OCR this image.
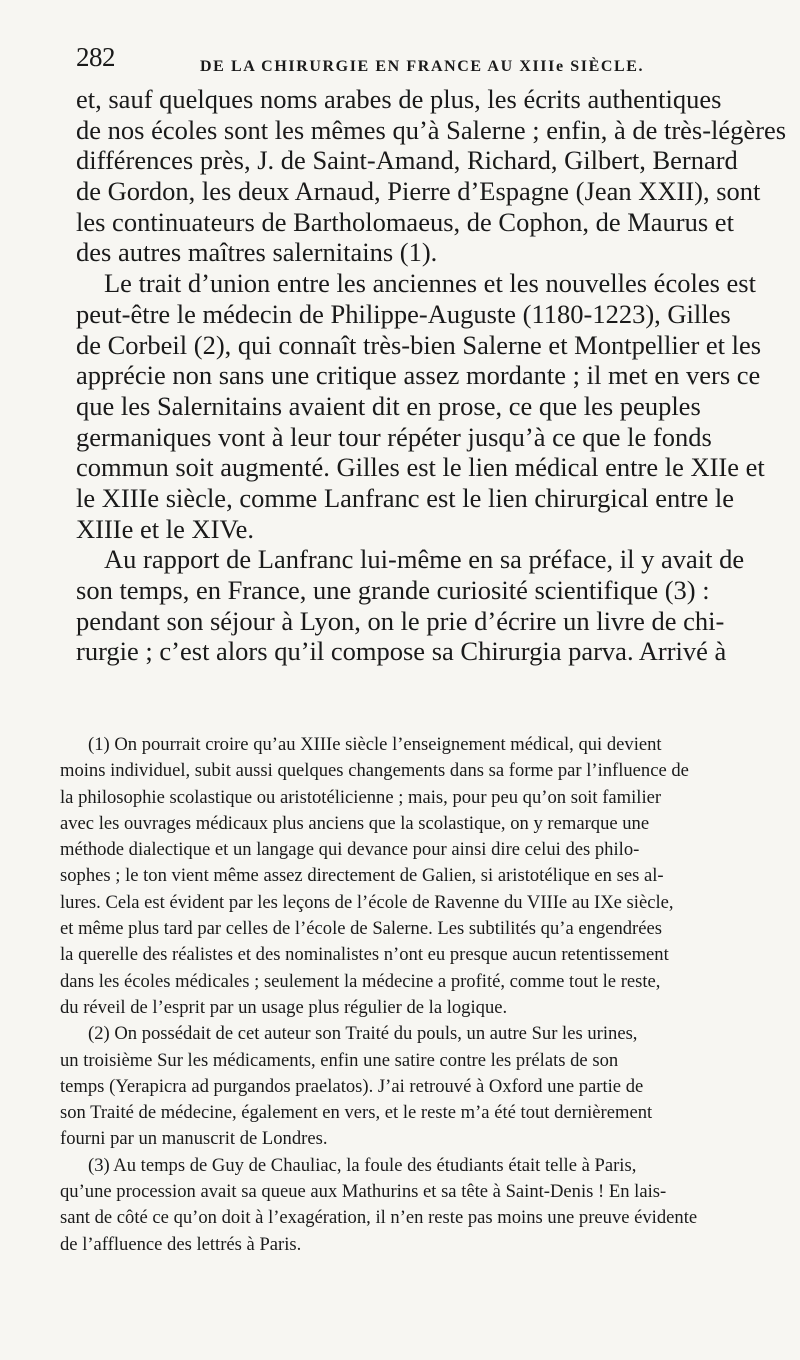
282	DE LA CHIRURGIE EN FRANCE AU XIIIe SIÈCLE.
et, sauf quelques noms arabes de plus, les écrits authentiques
de nos écoles sont les mêmes qu’à Salerne ; enfin, à de très-légères
différences près, J. de Saint-Amand, Richard, Gilbert, Bernard
de Gordon, les deux Arnaud, Pierre d’Espagne (Jean XXII), sont
les continuateurs de Bartholomaeus, de Cophon, de Maurus et
des autres maîtres salernitains (1).
Le trait d’union entre les anciennes et les nouvelles écoles est
peut-être le médecin de Philippe-Auguste (1180-1223), Gilles
de Corbeil (2), qui connaît très-bien Salerne et Montpellier et les
apprécie non sans une critique assez mordante ; il met en vers ce
que les Salernitains avaient dit en prose, ce que les peuples
germaniques vont à leur tour répéter jusqu’à ce que le fonds
commun soit augmenté. Gilles est le lien médical entre le XIIe et
le XIIIe siècle, comme Lanfranc est le lien chirurgical entre le
XIIIe et le XIVe.
Au rapport de Lanfranc lui-même en sa préface, il y avait de
son temps, en France, une grande curiosité scientifique (3) :
pendant son séjour à Lyon, on le prie d’écrire un livre de chi-
rurgie ; c’est alors qu’il compose sa Chirurgia parva. Arrivé à
(1) On pourrait croire qu’au XIIIe siècle l’enseignement médical, qui devient
moins individuel, subit aussi quelques changements dans sa forme par l’influence de
la philosophie scolastique ou aristotélicienne ; mais, pour peu qu’on soit familier
avec les ouvrages médicaux plus anciens que la scolastique, on y remarque une
méthode dialectique et un langage qui devance pour ainsi dire celui des philo-
sophes ; le ton vient même assez directement de Galien, si aristotélique en ses al-
lures. Cela est évident par les leçons de l’école de Ravenne du VIIIe au IXe siècle,
et même plus tard par celles de l’école de Salerne. Les subtilités qu’a engendrées
la querelle des réalistes et des nominalistes n’ont eu presque aucun retentissement
dans les écoles médicales ; seulement la médecine a profité, comme tout le reste,
du réveil de l’esprit par un usage plus régulier de la logique.
(2) On possédait de cet auteur son Traité du pouls, un autre Sur les urines,
un troisième Sur les médicaments, enfin une satire contre les prélats de son
temps (Yerapicra ad purgandos praelatos). J’ai retrouvé à Oxford une partie de
son Traité de médecine, également en vers, et le reste m’a été tout dernièrement
fourni par un manuscrit de Londres.
(3) Au temps de Guy de Chauliac, la foule des étudiants était telle à Paris,
qu’une procession avait sa queue aux Mathurins et sa tête à Saint-Denis ! En lais-
sant de côté ce qu’on doit à l’exagération, il n’en reste pas moins une preuve évidente
de l’affluence des lettrés à Paris.
